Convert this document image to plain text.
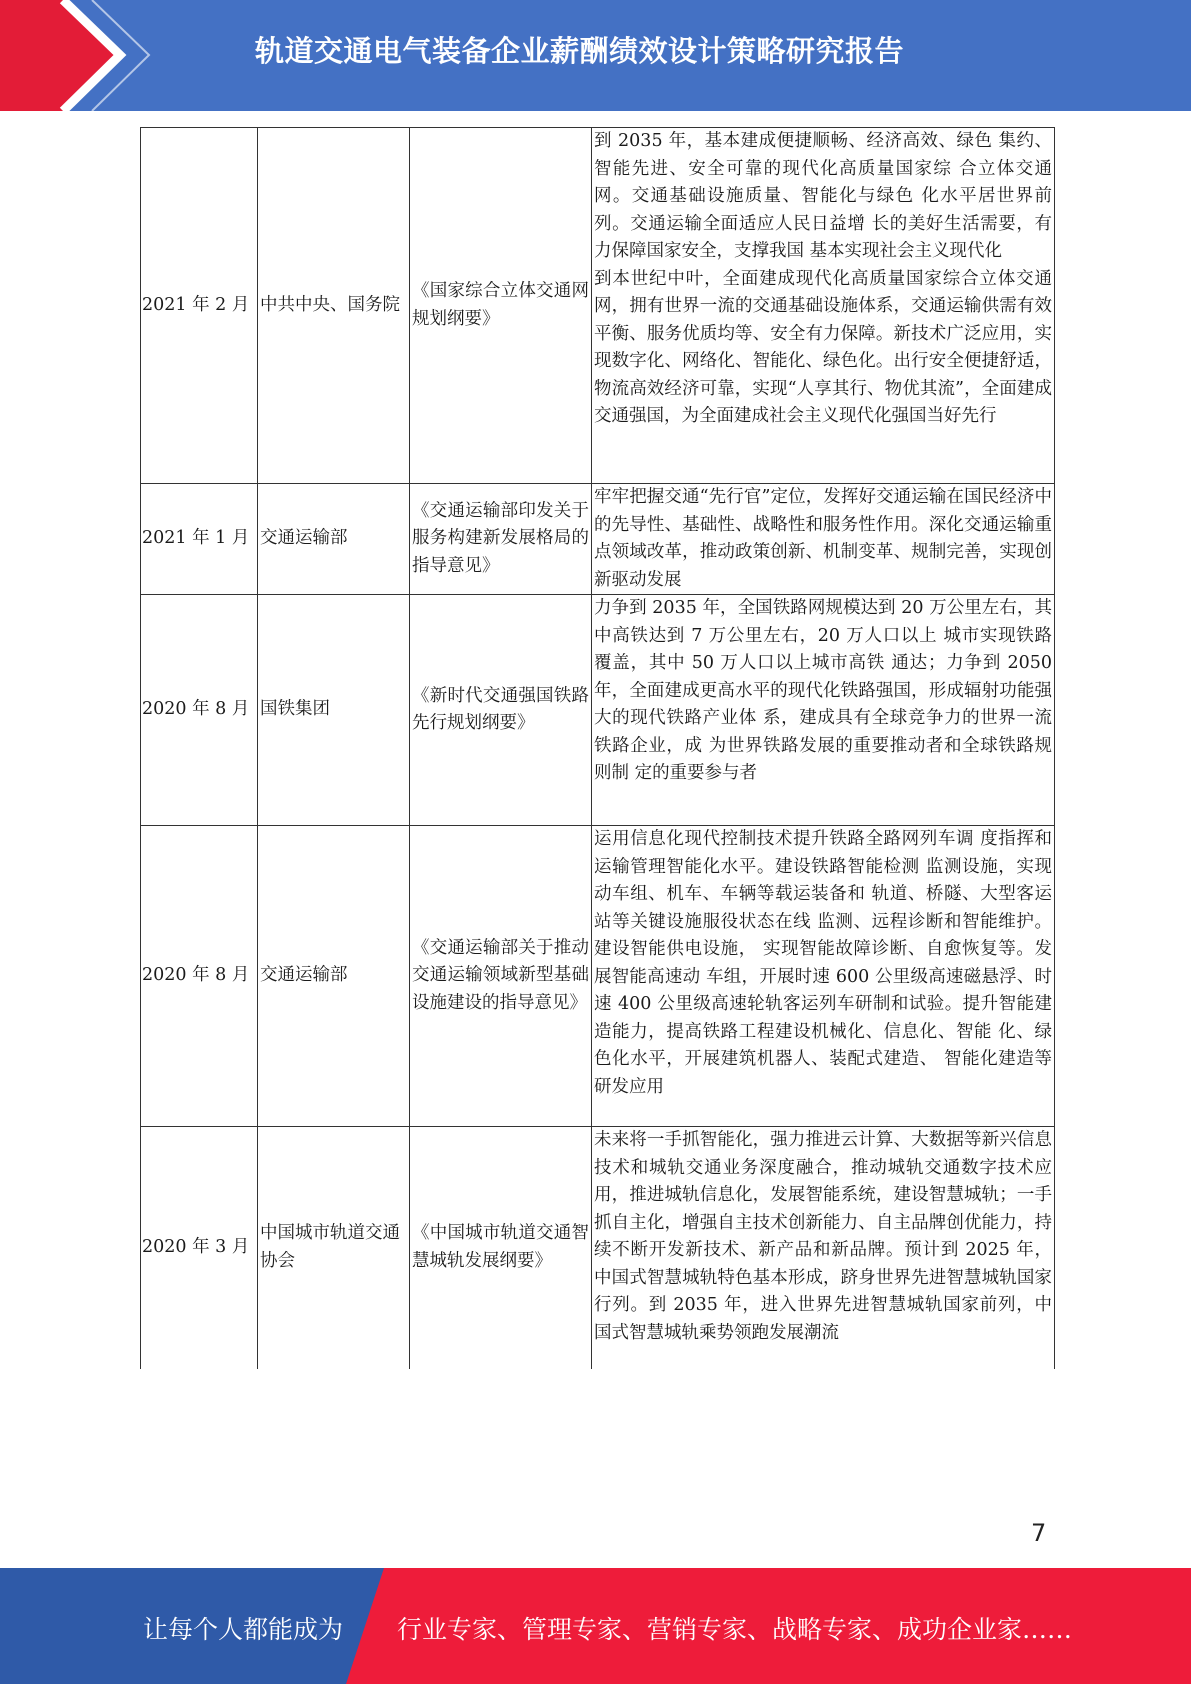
轨道交通电气装备企业薪酬绩效设计策略研究报告
2021 年 2 月	中共中央、国务院	《国家综合立体交通网规划纲要》	到 2035 年，基本建成便捷顺畅、经济高效、绿色 集约、智能先进、安全可靠的现代化高质量国家综 合立体交通网。交通基础设施质量、智能化与绿色 化水平居世界前列。交通运输全面适应人民日益增 长的美好生活需要，有力保障国家安全，支撑我国 基本实现社会主义现代化
到本世纪中叶，全面建成现代化高质量国家综合立体交通网，拥有世界一流的交通基础设施体系，交通运输供需有效平衡、服务优质均等、安全有力保障。新技术广泛应用，实现数字化、网络化、智能化、绿色化。出行安全便捷舒适，物流高效经济可靠，实现“人享其行、物优其流”，全面建成交通强国，为全面建成社会主义现代化强国当好先行

2021 年 1 月	交通运输部	《交通运输部印发关于服务构建新发展格局的指导意见》	牢牢把握交通“先行官”定位，发挥好交通运输在国民经济中的先导性、基础性、战略性和服务性作用。深化交通运输重点领域改革，推动政策创新、机制变革、规制完善，实现创新驱动发展

2020 年 8 月	国铁集团	《新时代交通强国铁路先行规划纲要》	力争到 2035 年，全国铁路网规模达到 20 万公里左右，其中高铁达到 7 万公里左右，20 万人口以上 城市实现铁路覆盖，其中 50 万人口以上城市高铁 通达；力争到 2050 年，全面建成更高水平的现代化铁路强国，形成辐射功能强大的现代铁路产业体 系，建成具有全球竞争力的世界一流铁路企业，成 为世界铁路发展的重要推动者和全球铁路规则制 定的重要参与者

2020 年 8 月	交通运输部	《交通运输部关于推动交通运输领域新型基础设施建设的指导意见》	运用信息化现代控制技术提升铁路全路网列车调 度指挥和运输管理智能化水平。建设铁路智能检测 监测设施，实现动车组、机车、车辆等载运装备和 轨道、桥隧、大型客运站等关键设施服役状态在线 监测、远程诊断和智能维护。建设智能供电设施， 实现智能故障诊断、自愈恢复等。发展智能高速动 车组，开展时速 600 公里级高速磁悬浮、时速 400 公里级高速轮轨客运列车研制和试验。提升智能建 造能力，提高铁路工程建设机械化、信息化、智能 化、绿色化水平，开展建筑机器人、装配式建造、 智能化建造等研发应用

2020 年 3 月	中国城市轨道交通协会	《中国城市轨道交通智慧城轨发展纲要》	未来将一手抓智能化，强力推进云计算、大数据等新兴信息技术和城轨交通业务深度融合，推动城轨交通数字技术应用，推进城轨信息化，发展智能系统，建设智慧城轨；一手抓自主化，增强自主技术创新能力、自主品牌创优能力，持续不断开发新技术、新产品和新品牌。预计到 2025 年，中国式智慧城轨特色基本形成，跻身世界先进智慧城轨国家行列。到 2035 年，进入世界先进智慧城轨国家前列，中国式智慧城轨乘势领跑发展潮流
7
让每个人都能成为 行业专家、管理专家、营销专家、战略专家、成功企业家……
